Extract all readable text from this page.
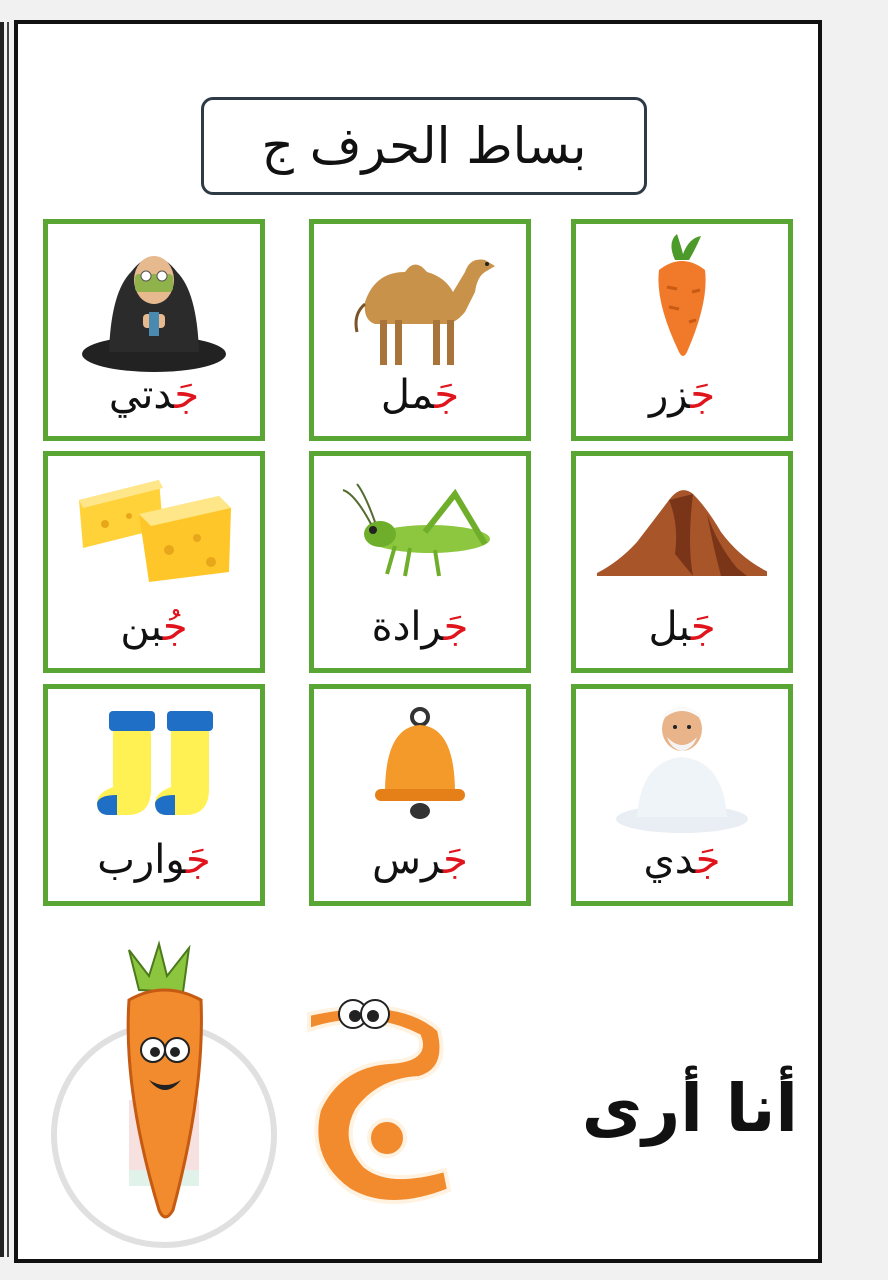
بساط الحرف ج
جَزر
جَمل
جَدتي
جَبل
جَرادة
جُبن
جَدي
جَرس
جَوارب
أنا أرى
